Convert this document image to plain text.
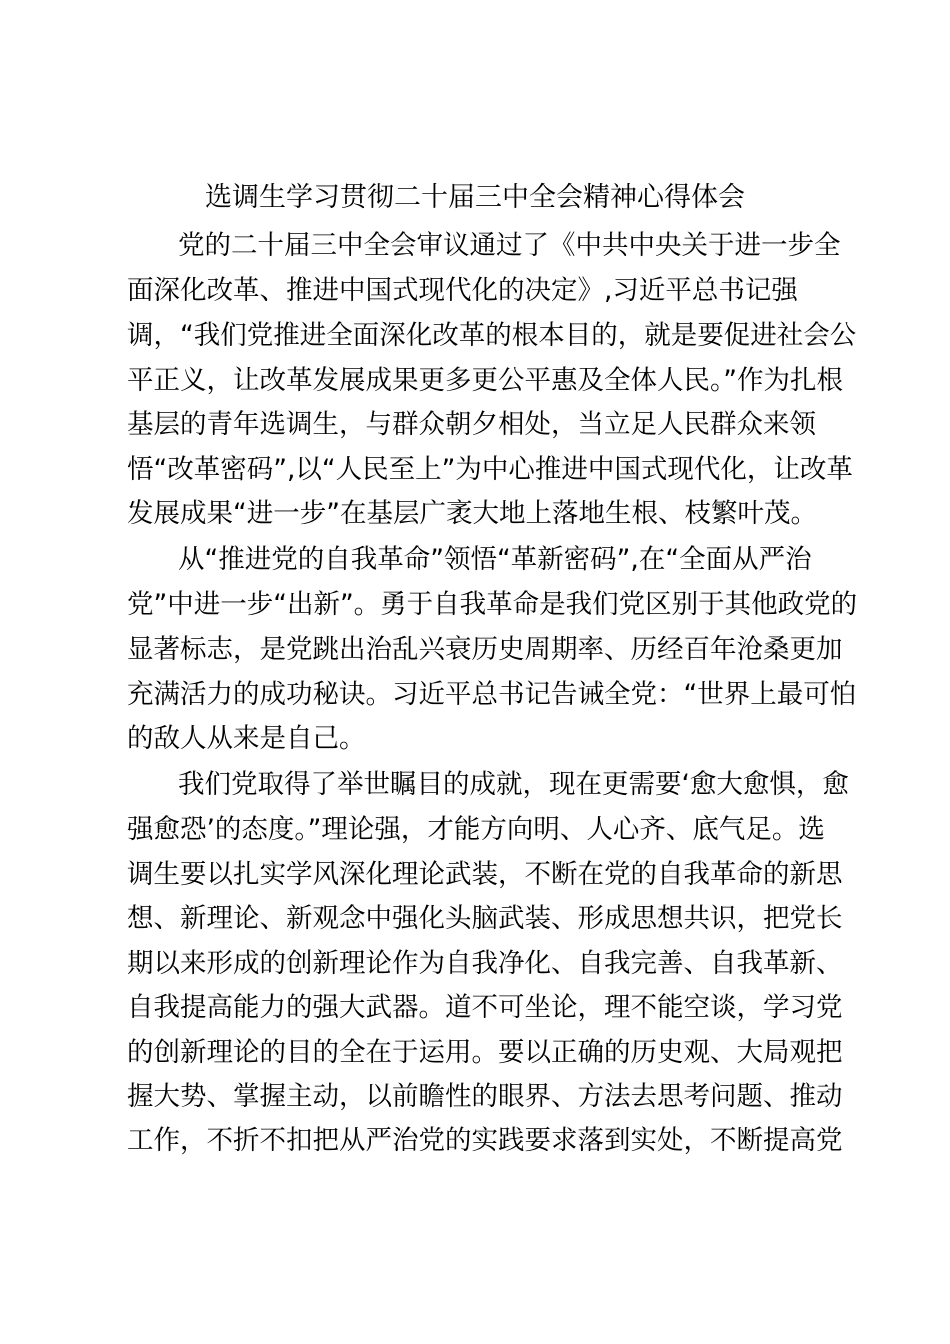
选调生学习贯彻二十届三中全会精神心得体会

党的二十届三中全会审议通过了《中共中央关于进一步全

面深化改革、推进中国式现代化的决定》,习近平总书记强

调，“我们党推进全面深化改革的根本目的，就是要促进社会公

平正义，让改革发展成果更多更公平惠及全体人民。”作为扎根

基层的青年选调生，与群众朝夕相处，当立足人民群众来领

悟“改革密码”,以“人民至上”为中心推进中国式现代化，让改革

发展成果“进一步”在基层广袤大地上落地生根、枝繁叶茂。

从“推进党的自我革命”领悟“革新密码”,在“全面从严治

党”中进一步“出新”。勇于自我革命是我们党区别于其他政党的

显著标志，是党跳出治乱兴衰历史周期率、历经百年沧桑更加

充满活力的成功秘诀。习近平总书记告诫全党：“世界上最可怕

的敌人从来是自己。

我们党取得了举世瞩目的成就，现在更需要‘愈大愈惧，愈

强愈恐’的态度。”理论强，才能方向明、人心齐、底气足。选

调生要以扎实学风深化理论武装，不断在党的自我革命的新思

想、新理论、新观念中强化头脑武装、形成思想共识，把党长

期以来形成的创新理论作为自我净化、自我完善、自我革新、

自我提高能力的强大武器。道不可坐论，理不能空谈，学习党

的创新理论的目的全在于运用。要以正确的历史观、大局观把

握大势、掌握主动，以前瞻性的眼界、方法去思考问题、推动

工作，不折不扣把从严治党的实践要求落到实处，不断提高党
